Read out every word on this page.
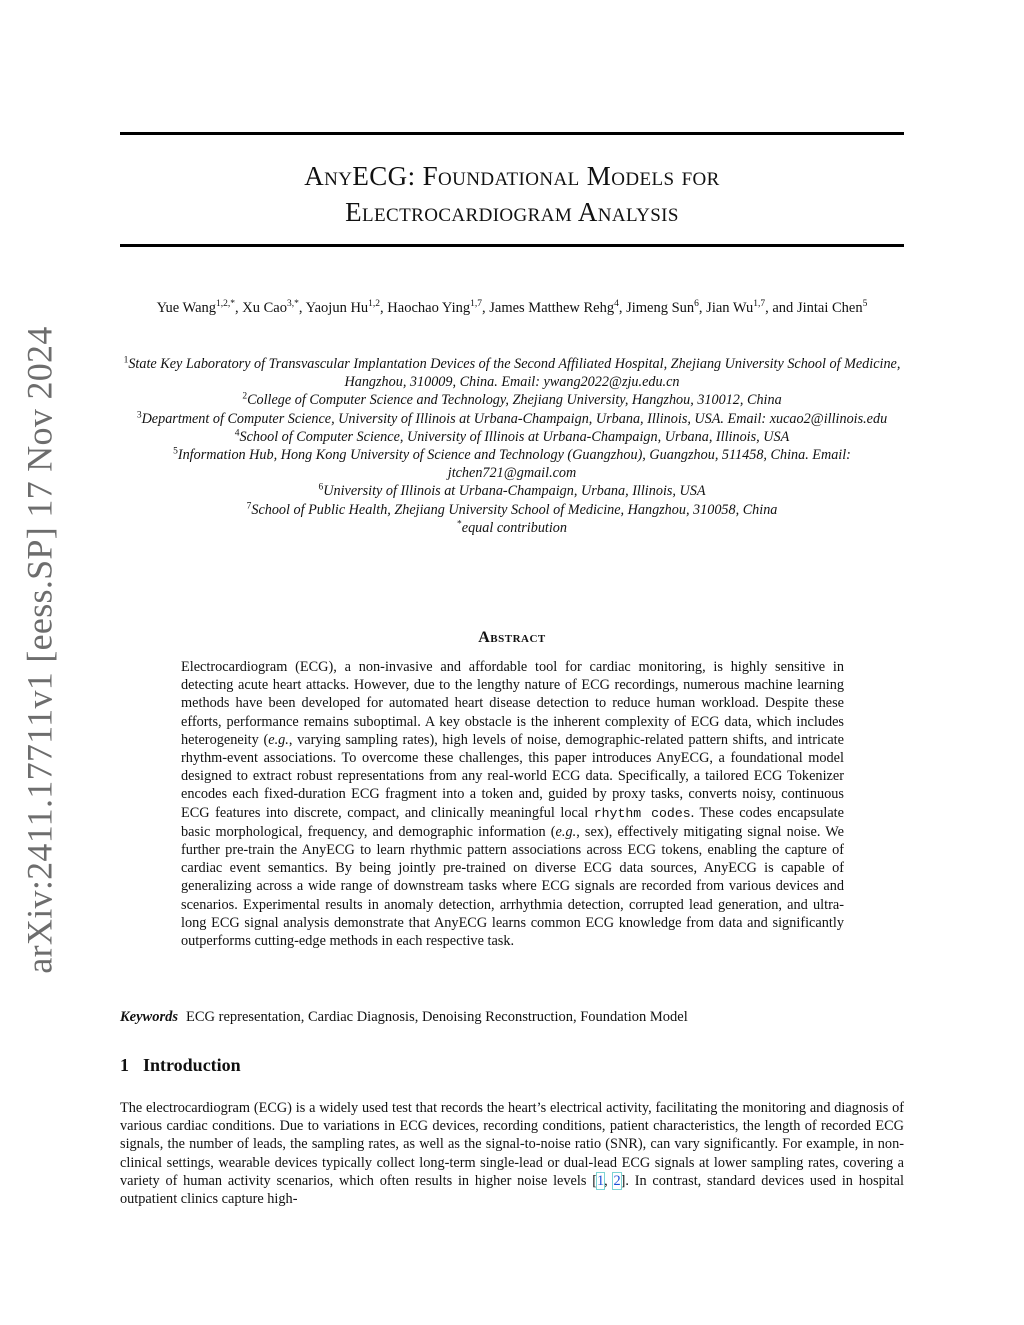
arXiv:2411.17711v1 [eess.SP] 17 Nov 2024
AnyECG: Foundational Models for
Electrocardiogram Analysis
Yue Wang$^{1,2,*}$, Xu Cao$^{3,*}$, Yaojun Hu$^{1,2}$, Haochao Ying$^{1,7}$, James Matthew Rehg$^4$, Jimeng Sun$^6$, Jian Wu$^{1,7}$, and Jintai Chen$^5$
$^1$State Key Laboratory of Transvascular Implantation Devices of the Second Affiliated Hospital, Zhejiang University School of Medicine, Hangzhou, 310009, China. Email: ywang2022@zju.edu.cn
$^2$College of Computer Science and Technology, Zhejiang University, Hangzhou, 310012, China
$^3$Department of Computer Science, University of Illinois at Urbana-Champaign, Urbana, Illinois, USA. Email: xucao2@illinois.edu
$^4$School of Computer Science, University of Illinois at Urbana-Champaign, Urbana, Illinois, USA
$^5$Information Hub, Hong Kong University of Science and Technology (Guangzhou), Guangzhou, 511458, China. Email: jtchen721@gmail.com
$^6$University of Illinois at Urbana-Champaign, Urbana, Illinois, USA
$^7$School of Public Health, Zhejiang University School of Medicine, Hangzhou, 310058, China
*equal contribution
Abstract
Electrocardiogram (ECG), a non-invasive and affordable tool for cardiac monitoring, is highly sensitive in detecting acute heart attacks. However, due to the lengthy nature of ECG recordings, numerous machine learning methods have been developed for automated heart disease detection to reduce human workload. Despite these efforts, performance remains suboptimal. A key obstacle is the inherent complexity of ECG data, which includes heterogeneity (e.g., varying sampling rates), high levels of noise, demographic-related pattern shifts, and intricate rhythm-event associations. To overcome these challenges, this paper introduces AnyECG, a foundational model designed to extract robust representations from any real-world ECG data. Specifically, a tailored ECG Tokenizer encodes each fixed-duration ECG fragment into a token and, guided by proxy tasks, converts noisy, continuous ECG features into discrete, compact, and clinically meaningful local rhythm codes. These codes encapsulate basic morphological, frequency, and demographic information (e.g., sex), effectively mitigating signal noise. We further pre-train the AnyECG to learn rhythmic pattern associations across ECG tokens, enabling the capture of cardiac event semantics. By being jointly pre-trained on diverse ECG data sources, AnyECG is capable of generalizing across a wide range of downstream tasks where ECG signals are recorded from various devices and scenarios. Experimental results in anomaly detection, arrhythmia detection, corrupted lead generation, and ultra-long ECG signal analysis demonstrate that AnyECG learns common ECG knowledge from data and significantly outperforms cutting-edge methods in each respective task.
Keywords ECG representation, Cardiac Diagnosis, Denoising Reconstruction, Foundation Model
1 Introduction
The electrocardiogram (ECG) is a widely used test that records the heart’s electrical activity, facilitating the monitoring and diagnosis of various cardiac conditions. Due to variations in ECG devices, recording conditions, patient characteristics, the length of recorded ECG signals, the number of leads, the sampling rates, as well as the signal-to-noise ratio (SNR), can vary significantly. For example, in non-clinical settings, wearable devices typically collect long-term single-lead or dual-lead ECG signals at lower sampling rates, covering a variety of human activity scenarios, which often results in higher noise levels [1, 2]. In contrast, standard devices used in hospital outpatient clinics capture high-
